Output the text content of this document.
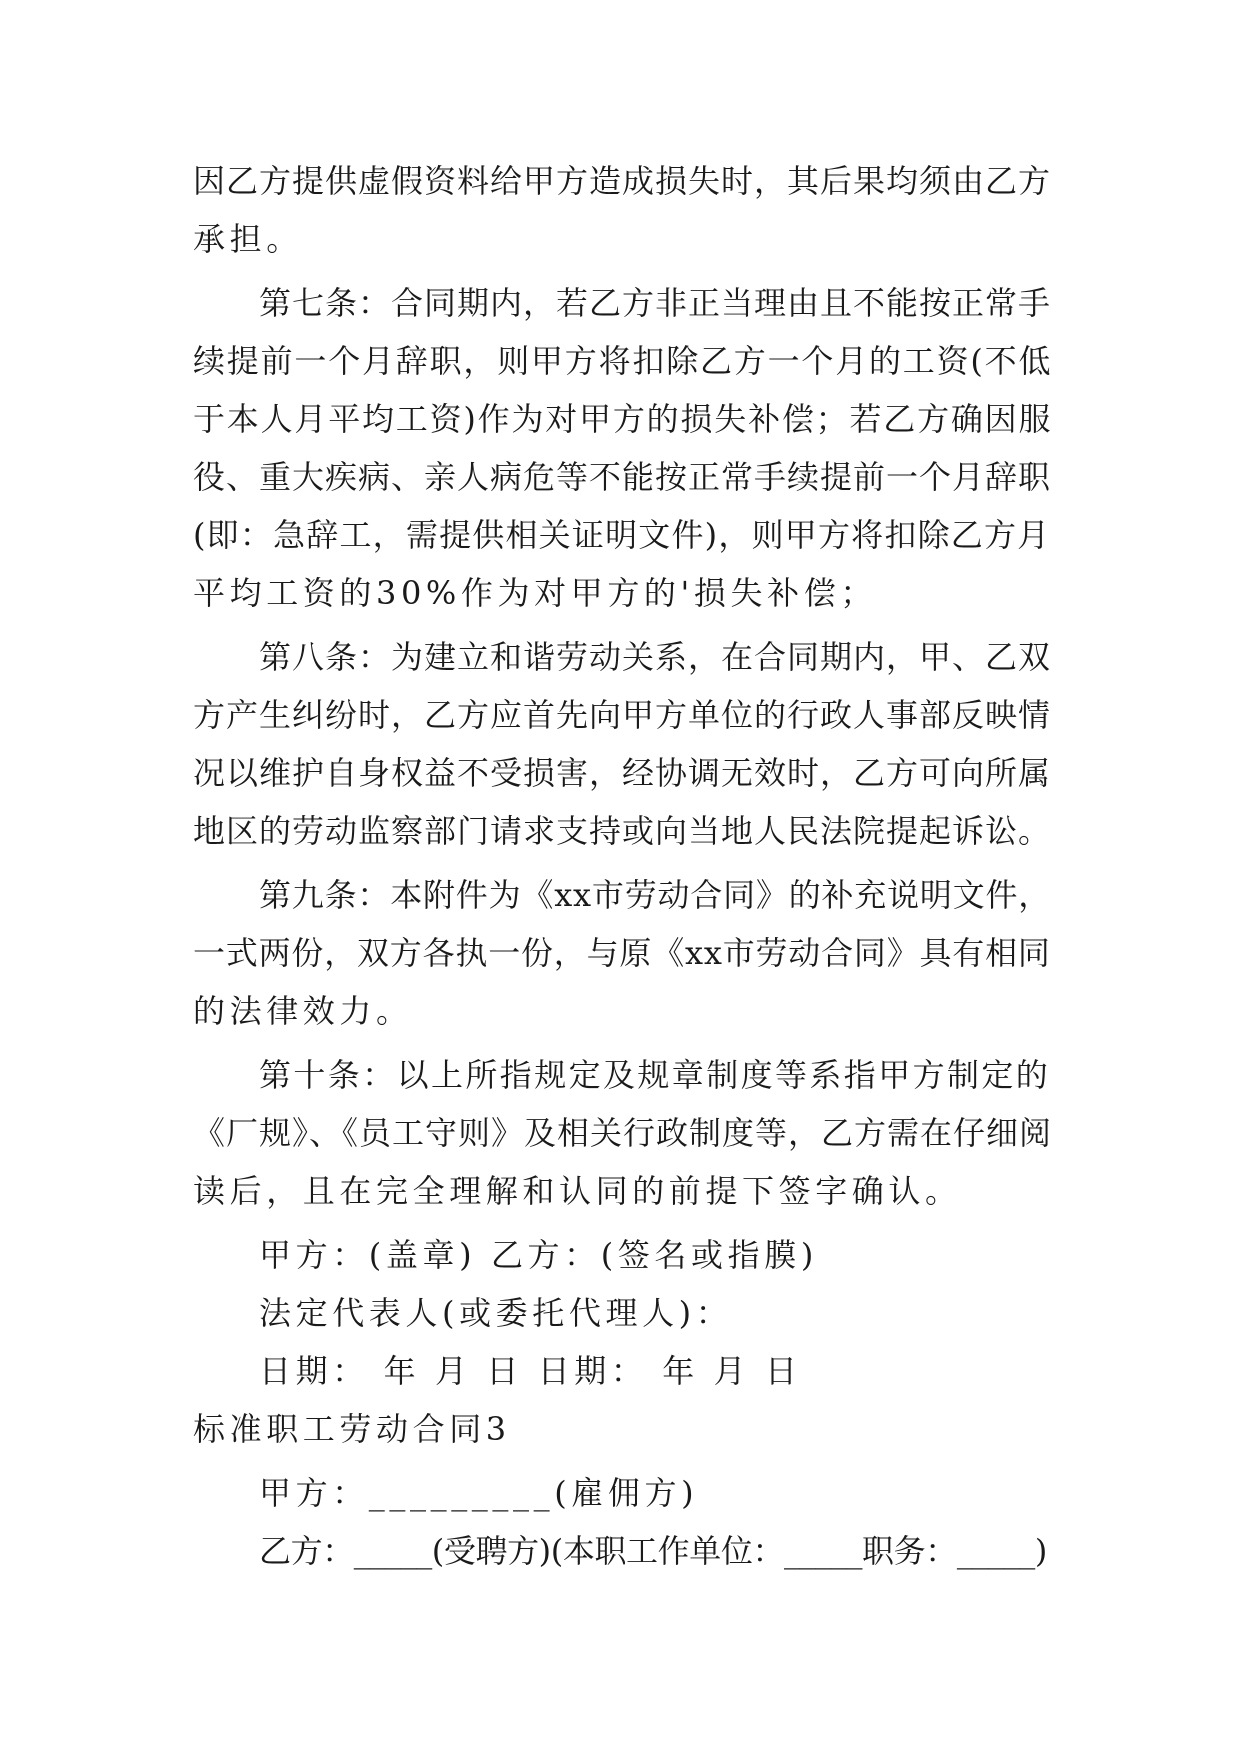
因乙方提供虚假资料给甲方造成损失时，其后果均须由乙方
承担。
第七条：合同期内，若乙方非正当理由且不能按正常手
续提前一个月辞职，则甲方将扣除乙方一个月的工资(不低
于本人月平均工资)作为对甲方的损失补偿；若乙方确因服
役、重大疾病、亲人病危等不能按正常手续提前一个月辞职
(即：急辞工，需提供相关证明文件)，则甲方将扣除乙方月
平均工资的30%作为对甲方的'损失补偿；
第八条：为建立和谐劳动关系，在合同期内，甲、乙双
方产生纠纷时，乙方应首先向甲方单位的行政人事部反映情
况以维护自身权益不受损害，经协调无效时，乙方可向所属
地区的劳动监察部门请求支持或向当地人民法院提起诉讼。
第九条：本附件为《xx市劳动合同》的补充说明文件，
一式两份，双方各执一份，与原《xx市劳动合同》具有相同
的法律效力。
第十条：以上所指规定及规章制度等系指甲方制定的
《厂规》、《员工守则》及相关行政制度等，乙方需在仔细阅
读后，且在完全理解和认同的前提下签字确认。
甲方：(盖章) 乙方：(签名或指膜)
法定代表人(或委托代理人)：
日期： 年 月 日 日期： 年 月 日
标准职工劳动合同3
甲方：_________(雇佣方)
乙方：_____(受聘方)(本职工作单位：_____职务：_____)
